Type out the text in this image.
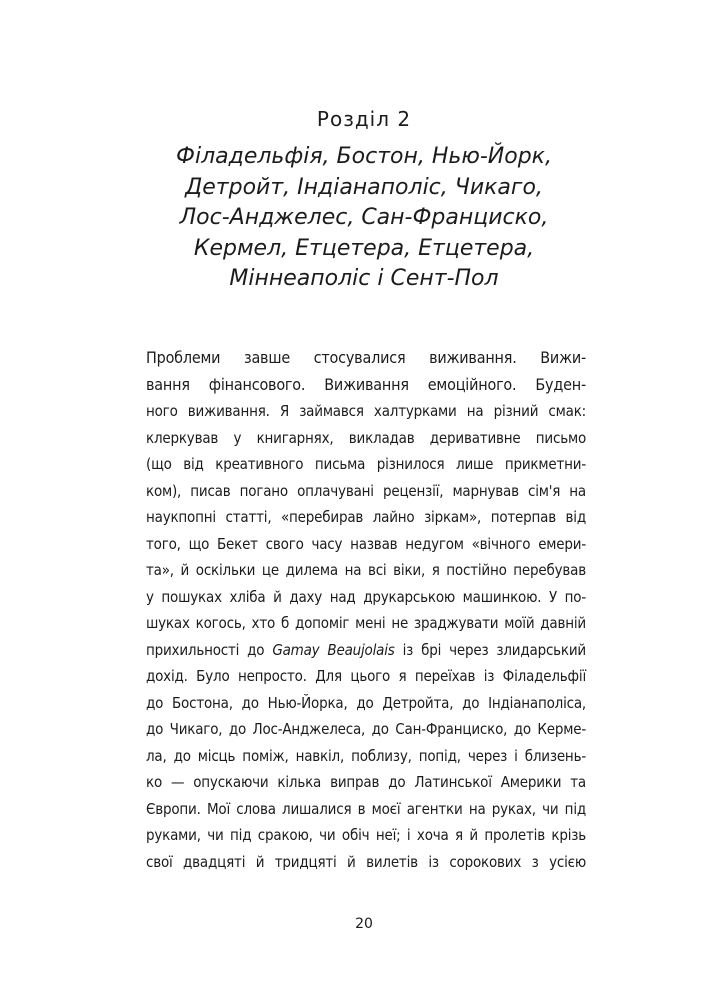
Розділ 2

Філадельфія, Бостон, Нью-Йорк,
Детройт, Індіанаполіс, Чикаго,
Лос-Анджелес, Сан-Франциско,
Кермел, Етцетера, Етцетера,
Міннеаполіс і Сент-Пол

Проблеми завше стосувалися виживання. Вижи-
вання фінансового. Виживання емоційного. Буден-
ного виживання. Я займався халтурками на різний смак:
клеркував у книгарнях, викладав деривативне письмо
(що від креативного письма різнилося лише прикметни-
ком), писав погано оплачувані рецензії, марнував сім'я на
наукпопні статті, «перебирав лайно зіркам», потерпав від
того, що Бекет свого часу назвав недугом «вічного емери-
та», й оскільки це дилема на всі віки, я постійно перебував
у пошуках хліба й даху над друкарською машинкою. У по-
шуках когось, хто б допоміг мені не зраджувати моїй давній
прихильності до Gamay Beaujolais із брі через злидарський
дохід. Було непросто. Для цього я переїхав із Філадельфії
до Бостона, до Нью-Йорка, до Детройта, до Індіанаполіса,
до Чикаго, до Лос-Анджелеса, до Сан-Франциско, до Керме-
ла, до місць поміж, навкіл, поблизу, попід, через і близень-
ко — опускаючи кілька виправ до Латинської Америки та
Європи. Мої слова лишалися в моєї агентки на руках, чи під
руками, чи під сракою, чи обіч неї; і хоча я й пролетів крізь
свої двадцяті й тридцяті й вилетів із сорокових з усією
20
